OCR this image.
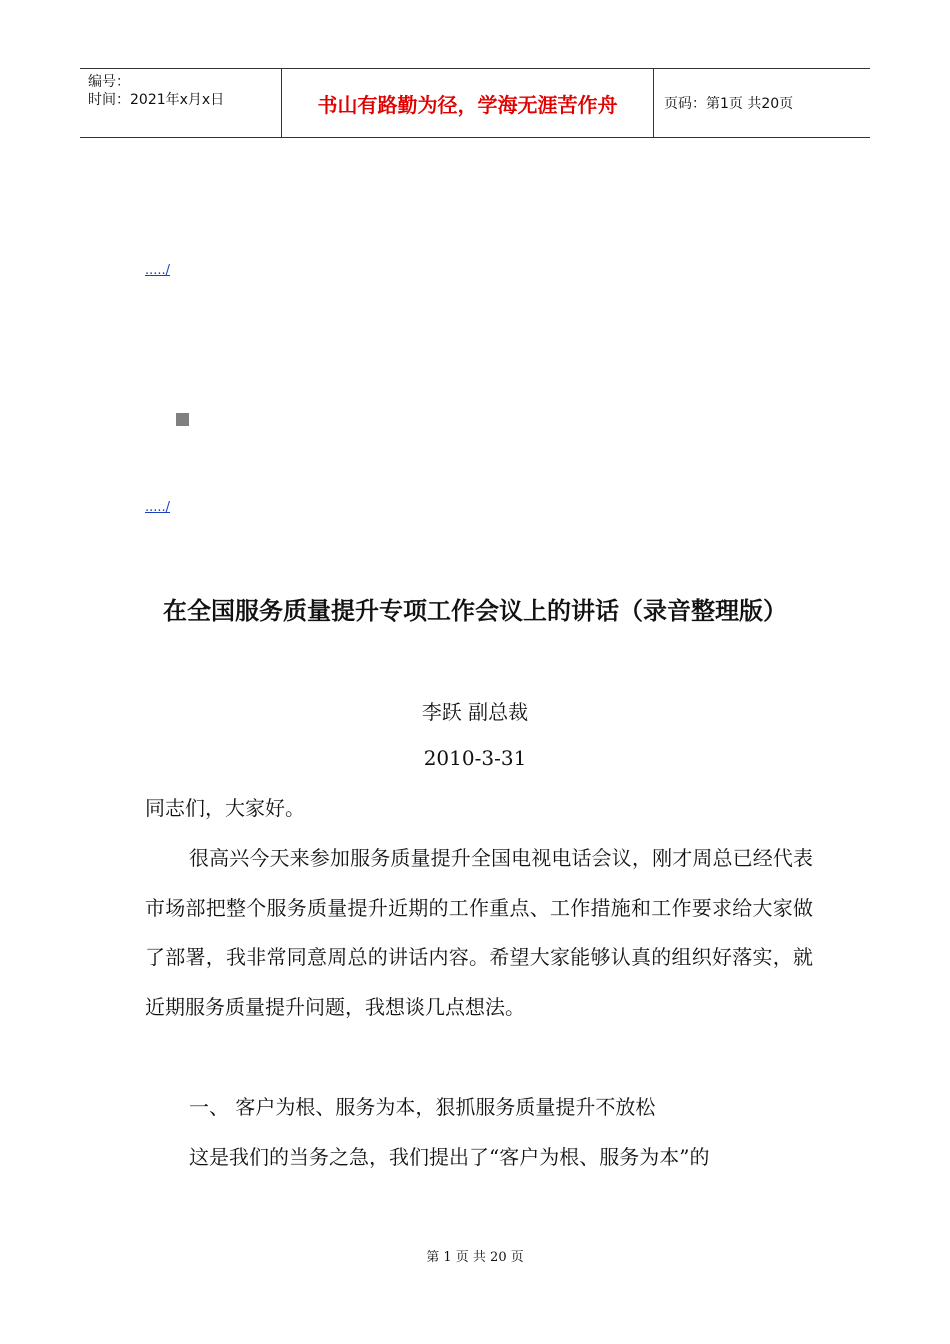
编号：
时间：2021年x月x日	书山有路勤为径，学海无涯苦作舟	页码：第1页 共20页
...../
...../
在全国服务质量提升专项工作会议上的讲话（录音整理版）
李跃 副总裁
2010-3-31

同志们，大家好。

很高兴今天来参加服务质量提升全国电视电话会议，刚才周总已经代表市场部把整个服务质量提升近期的工作重点、工作措施和工作要求给大家做了部署，我非常同意周总的讲话内容。希望大家能够认真的组织好落实，就近期服务质量提升问题，我想谈几点想法。

一、 客户为根、服务为本，狠抓服务质量提升不放松

这是我们的当务之急，我们提出了“客户为根、服务为本”的

第 1 页 共 20 页
